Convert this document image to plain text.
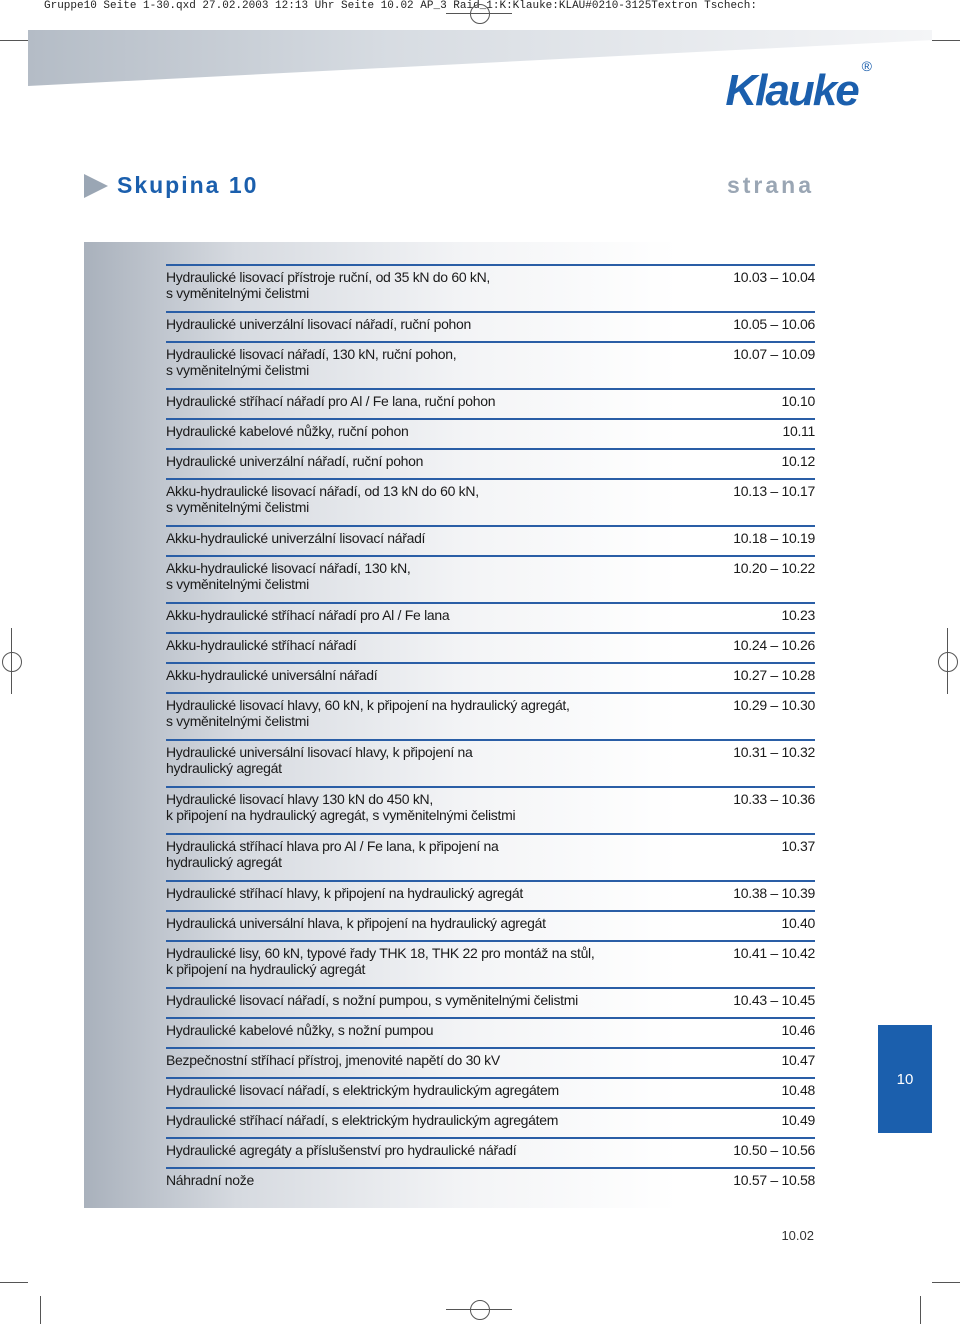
Gruppe10 Seite 1-30.qxd 27.02.2003 12:13 Uhr Seite 10.02 AP_3 Raid_1:K:Klauke:KLAU#0210-3125Textron Tschech:
Klauke ®
Skupina 10	strana
Hydraulické lisovací přístroje ruční, od 35 kN do 60 kN,
s vyměnitelnými čelistmi
10.03 – 10.04
Hydraulické univerzální lisovací nářadí, ruční pohon	10.05 – 10.06
Hydraulické lisovací nářadí, 130 kN, ruční pohon,
s vyměnitelnými čelistmi
10.07 – 10.09
Hydraulické stříhací nářadí pro Al / Fe lana, ruční pohon	10.10
Hydraulické kabelové nůžky, ruční pohon	10.11
Hydraulické univerzální nářadí, ruční pohon	10.12
Akku-hydraulické lisovací nářadí, od 13 kN do 60 kN,
s vyměnitelnými čelistmi
10.13 – 10.17
Akku-hydraulické univerzální lisovací nářadí	10.18 – 10.19
Akku-hydraulické lisovací nářadí, 130 kN,
s vyměnitelnými čelistmi
10.20 – 10.22
Akku-hydraulické stříhací nářadí pro Al / Fe lana	10.23
Akku-hydraulické stříhací nářadí	10.24 – 10.26
Akku-hydraulické universální nářadí	10.27 – 10.28
Hydraulické lisovací hlavy, 60 kN, k připojení na hydraulický agregát,
s vyměnitelnými čelistmi
10.29 – 10.30
Hydraulické universální lisovací hlavy, k připojení na
hydraulický agregát
10.31 – 10.32
Hydraulické lisovací hlavy 130 kN do 450 kN,
k připojení na hydraulický agregát, s vyměnitelnými čelistmi
10.33 – 10.36
Hydraulická stříhací hlava pro Al / Fe lana, k připojení na
hydraulický agregát
10.37
Hydraulické stříhací hlavy, k připojení na hydraulický agregát	10.38 – 10.39
Hydraulická universální hlava, k připojení na hydraulický agregát	10.40
Hydraulické lisy, 60 kN, typové řady THK 18, THK 22 pro montáž na stůl,
k připojení na hydraulický agregát
10.41 – 10.42
Hydraulické lisovací nářadí, s nožní pumpou, s vyměnitelnými čelistmi	10.43 – 10.45
Hydraulické kabelové nůžky, s nožní pumpou	10.46
Bezpečnostní stříhací přístroj, jmenovité napětí do 30 kV	10.47
Hydraulické lisovací nářadí, s elektrickým hydraulickým agregátem	10.48
Hydraulické stříhací nářadí, s elektrickým hydraulickým agregátem	10.49
Hydraulické agregáty a příslušenství pro hydraulické nářadí	10.50 – 10.56
Náhradní nože	10.57 – 10.58
10
10.02
